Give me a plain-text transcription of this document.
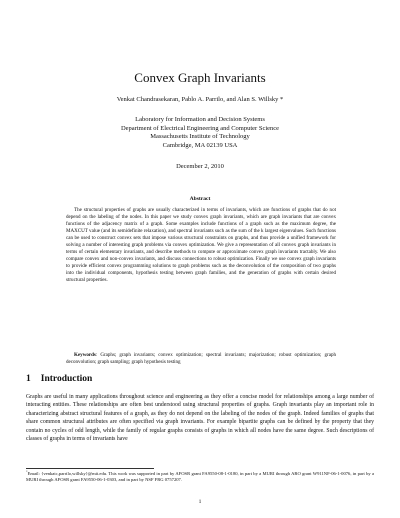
Convex Graph Invariants
Venkat Chandrasekaran, Pablo A. Parrilo, and Alan S. Willsky *
Laboratory for Information and Decision Systems
Department of Electrical Engineering and Computer Science
Massachusetts Institute of Technology
Cambridge, MA 02139 USA
December 2, 2010
Abstract
The structural properties of graphs are usually characterized in terms of invariants, which are functions of graphs that do not depend on the labeling of the nodes. In this paper we study convex graph invariants, which are graph invariants that are convex functions of the adjacency matrix of a graph. Some examples include functions of a graph such as the maximum degree, the MAXCUT value (and its semidefinite relaxation), and spectral invariants such as the sum of the k largest eigenvalues. Such functions can be used to construct convex sets that impose various structural constraints on graphs, and thus provide a unified framework for solving a number of interesting graph problems via convex optimization. We give a representation of all convex graph invariants in terms of certain elementary invariants, and describe methods to compute or approximate convex graph invariants tractably. We also compare convex and non-convex invariants, and discuss connections to robust optimization. Finally we use convex graph invariants to provide efficient convex programming solutions to graph problems such as the deconvolution of the composition of two graphs into the individual components, hypothesis testing between graph families, and the generation of graphs with certain desired structural properties.
Keywords: Graphs; graph invariants; convex optimization; spectral invariants; majorization; robust optimization; graph deconvolution; graph sampling; graph hypothesis testing
1 Introduction
Graphs are useful in many applications throughout science and engineering as they offer a concise model for relationships among a large number of interacting entities. These relationships are often best understood using structural properties of graphs. Graph invariants play an important role in characterizing abstract structural features of a graph, as they do not depend on the labeling of the nodes of the graph. Indeed families of graphs that share common structural attributes are often specified via graph invariants. For example bipartite graphs can be defined by the property that they contain no cycles of odd length, while the family of regular graphs consists of graphs in which all nodes have the same degree. Such descriptions of classes of graphs in terms of invariants have
*Email: {venkatc,parrilo,willsky}@mit.edu. This work was supported in part by AFOSR grant FA9550-08-1-0180, in part by a MURI through ARO grant W911NF-06-1-0076, in part by a MURI through AFOSR grant FA9550-06-1-0303, and in part by NSF FRG 0757207.
1
